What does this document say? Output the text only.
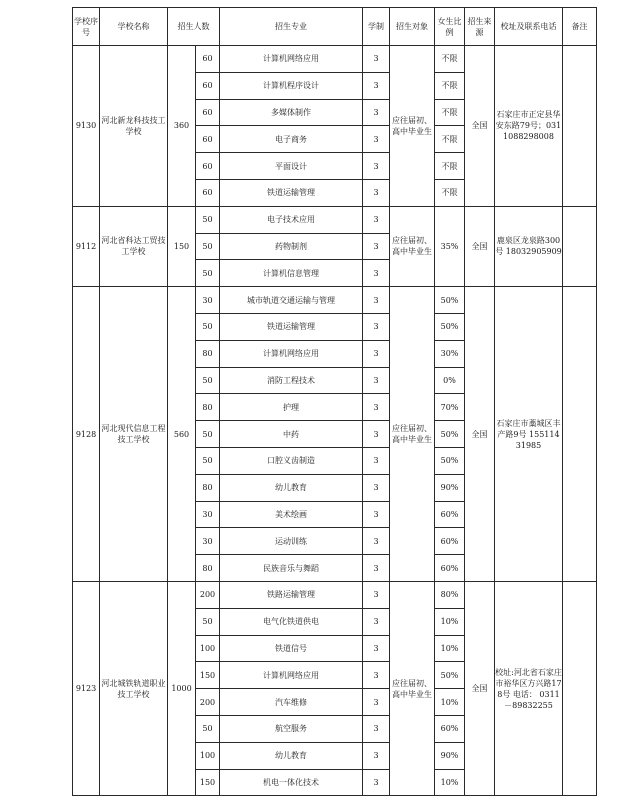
学校序号	学校名称	招生人数		招生专业	学制	招生对象	女生比例	招生来源	校址及联系电话	备注
9130	河北新龙科技技工学校	360	60	计算机网络应用	3	应往届初、高中毕业生	不限	全国	石家庄市正定县华安东路79号；0311088298008	
			60	计算机程序设计	3		不限			
			60	多媒体制作	3		不限			
			60	电子商务	3		不限			
			60	平面设计	3		不限			
			60	铁道运输管理	3		不限			
9112	河北省科达工贸技工学校	150	50	电子技术应用	3	应往届初、高中毕业生	35%	全国	鹿泉区龙泉路300号 18032905909	
			50	药物制剂	3					
			50	计算机信息管理	3					
9128	河北现代信息工程技工学校	560	30	城市轨道交通运输与管理	3	应往届初、高中毕业生	50%	全国	石家庄市藁城区丰产路9号 15511431985	
			50	铁道运输管理	3		50%			
			80	计算机网络应用	3		30%			
			50	消防工程技术	3		0%			
			80	护理	3		70%			
			50	中药	3		50%			
			50	口腔义齿制造	3		50%			
			80	幼儿教育	3		90%			
			30	美术绘画	3		60%			
			30	运动训练	3		60%			
			80	民族音乐与舞蹈	3		60%			
9123	河北城铁轨道职业技工学校	1000	200	铁路运输管理	3	应往届初、高中毕业生	80%	全国	校址:河北省石家庄市裕华区方兴路178号 电话： 0311－89832255	
			50	电气化铁道供电	3		10%			
			100	铁道信号	3		10%			
			150	计算机网络应用	3		50%			
			200	汽车维修	3		10%			
			50	航空服务	3		60%			
			100	幼儿教育	3		90%			
			150	机电一体化技术	3		10%			
